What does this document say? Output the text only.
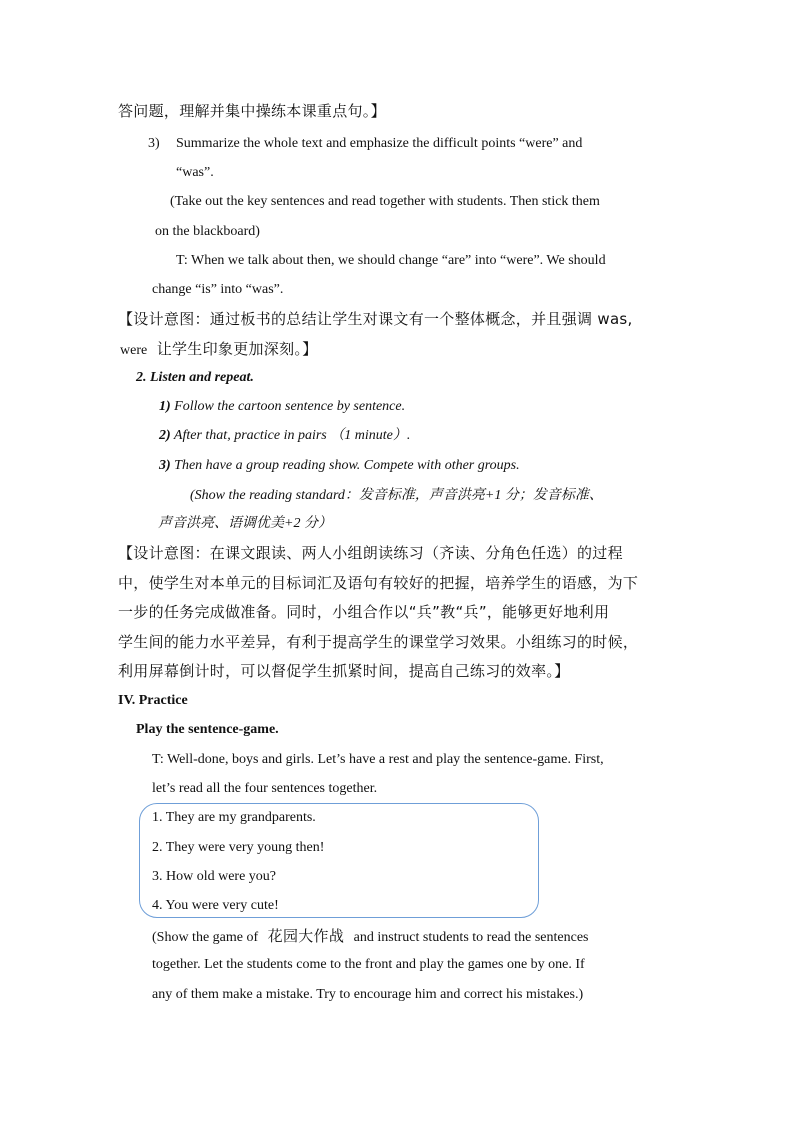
答问题，理解并集中操练本课重点句。】
3) Summarize the whole text and emphasize the difficult points “were” and
“was”.
(Take out the key sentences and read together with students. Then stick them
on the blackboard)
T: When we talk about then, we should change “are” into “were”. We should
change “is” into “was”.
【设计意图：通过板书的总结让学生对课文有一个整体概念，并且强调 was,
were 让学生印象更加深刻。】
2. Listen and repeat.
1) Follow the cartoon sentence by sentence.
2) After that, practice in pairs （1 minute）.
3) Then have a group reading show. Compete with other groups.
(Show the reading standard：发音标准，声音洪亮+1 分；发音标准、
声音洪亮、语调优美+2 分）
【设计意图：在课文跟读、两人小组朗读练习（齐读、分角色任选）的过程
中，使学生对本单元的目标词汇及语句有较好的把握，培养学生的语感，为下
一步的任务完成做准备。同时，小组合作以“兵”教“兵”，能够更好地利用
学生间的能力水平差异，有利于提高学生的课堂学习效果。小组练习的时候，
利用屏幕倒计时，可以督促学生抓紧时间，提高自己练习的效率。】
IV. Practice
Play the sentence-game.
T: Well-done, boys and girls. Let’s have a rest and play the sentence-game. First,
let’s read all the four sentences together.
1. They are my grandparents.
2. They were very young then!
3. How old were you?
4. You were very cute!
(Show the game of 花园大作战 and instruct students to read the sentences
together. Let the students come to the front and play the games one by one. If
any of them make a mistake. Try to encourage him and correct his mistakes.)
